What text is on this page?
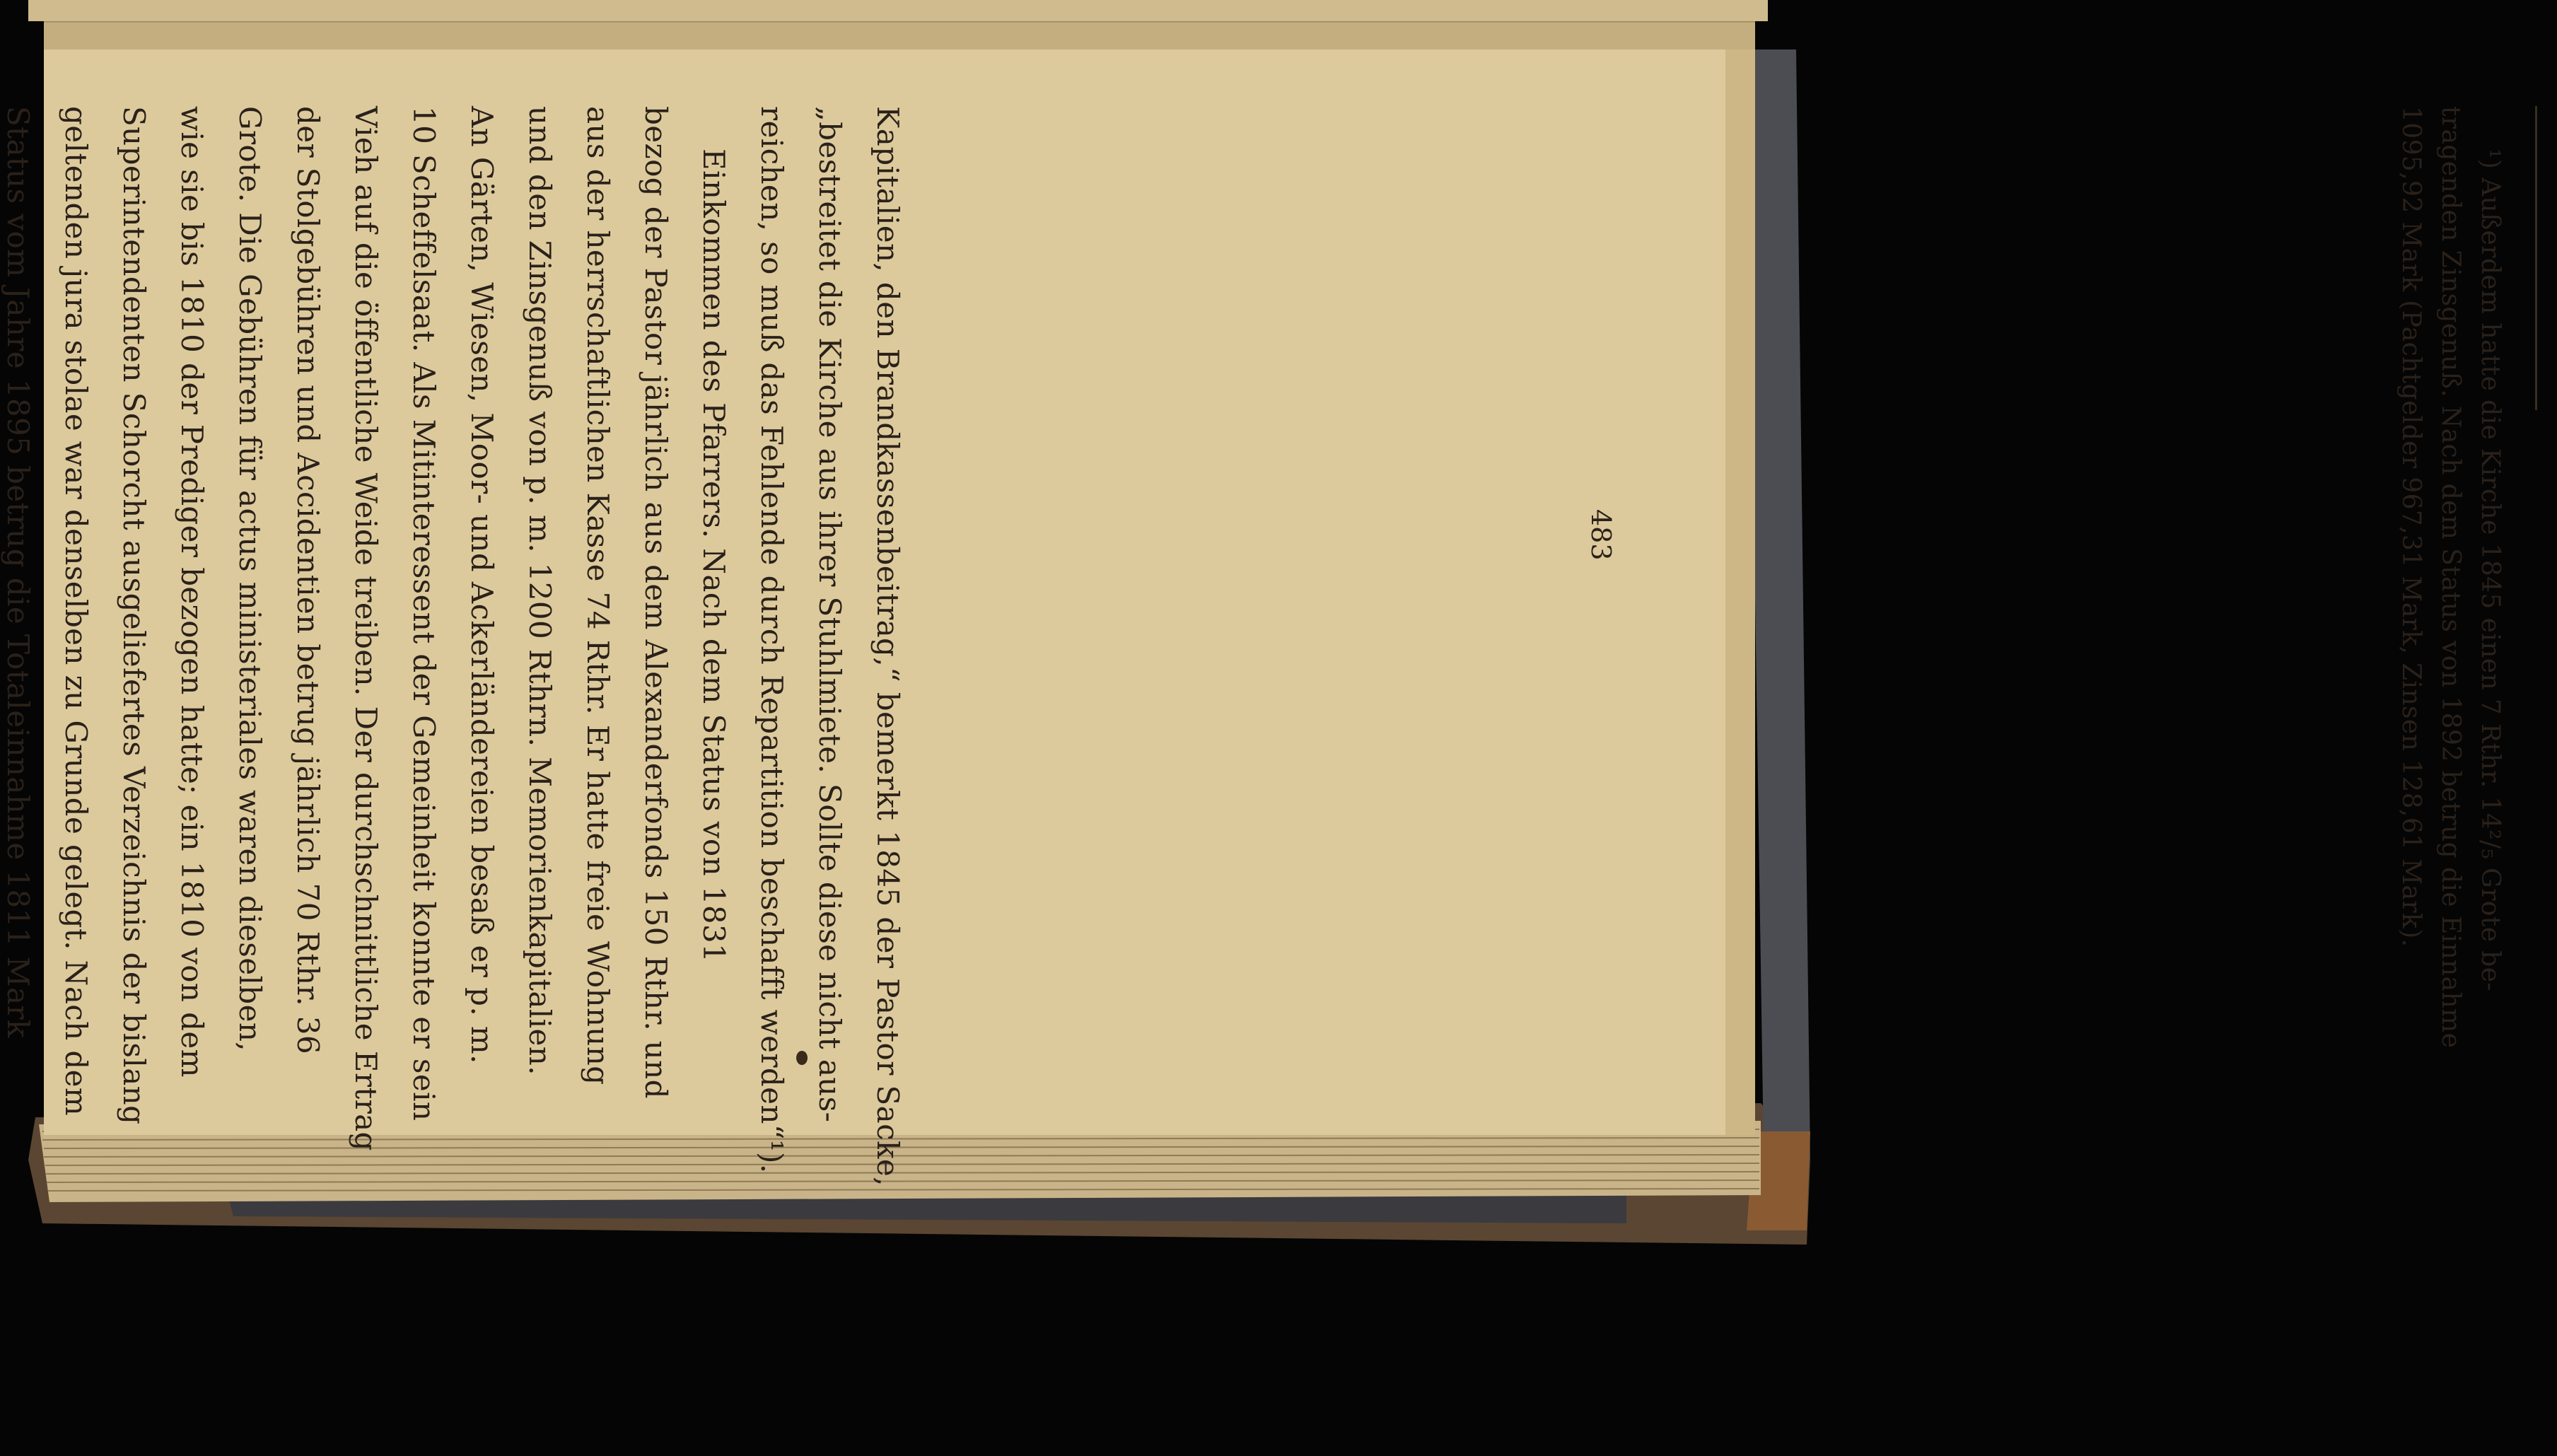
483
Kapitalien, den Brandkassenbeitrag,“ bemerkt 1845 der Pastor Sacke,
„bestreitet die Kirche aus ihrer Stuhlmiete. Sollte diese nicht aus-
reichen, so muß das Fehlende durch Repartition beschafft werden“¹).
Einkommen des Pfarrers. Nach dem Status von 1831
bezog der Pastor jährlich aus dem Alexanderfonds 150 Rthr. und
aus der herrschaftlichen Kasse 74 Rthr. Er hatte freie Wohnung
und den Zinsgenuß von p. m. 1200 Rthrn. Memorienkapitalien.
An Gärten, Wiesen, Moor- und Ackerländereien besaß er p. m.
10 Scheffelsaat. Als Mitinteressent der Gemeinheit konnte er sein
Vieh auf die öffentliche Weide treiben. Der durchschnittliche Ertrag
der Stolgebühren und Accidentien betrug jährlich 70 Rthr. 36
Grote. Die Gebühren für actus ministeriales waren dieselben,
wie sie bis 1810 der Prediger bezogen hatte; ein 1810 von dem
Superintendenten Schorcht ausgeliefertes Verzeichnis der bislang
geltenden jura stolae war denselben zu Grunde gelegt. Nach dem
Status vom Jahre 1895 betrug die Totaleinnahme 1811 Mark	¹) Außerdem hatte die Kirche 1845 einen 7 Rthr. 14²/₅ Grote be-
tragenden Zinsgenuß. Nach dem Status von 1892 betrug die Einnahme
1095,92 Mark (Pachtgelder 967,31 Mark, Zinsen 128,61 Mark).
